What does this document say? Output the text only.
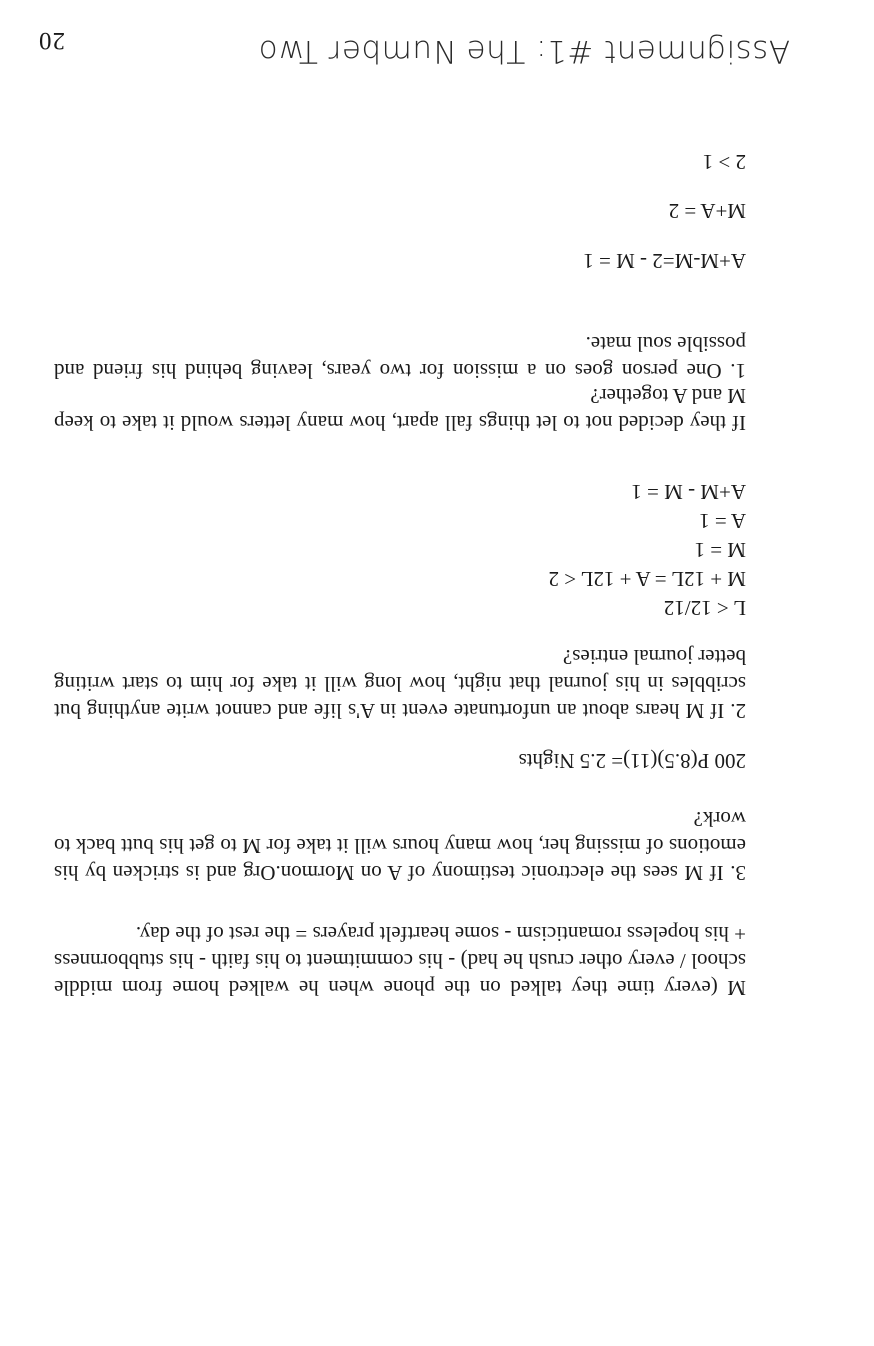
20	Assignment #1: The Number Two
2 > 1
M+A = 2
A+M-M=2 - M = 1
1. One person goes on a mission for two years, leaving behind his friend and possible soul mate.
If they decided not to let things fall apart, how many letters would it take to keep M and A together?
A+M - M = 1
A = 1
M = 1
M + 12L = A + 12L < 2
L < 12/12
2. If M hears about an unfortunate event in A's life and cannot write anything but scribbles in his journal that night, how long will it take for him to start writing better journal entries?
200 P(8.5)(11)= 2.5 Nights
3. If M sees the electronic testimony of A on Mormon.Org and is stricken by his emotions of missing her, how many hours will it take for M to get his butt back to work?
M (every time they talked on the phone when he walked home from middle school / every other crush he had) - his commitment to his faith - his stubbornness + his hopeless romanticism - some heartfelt prayers = the rest of the day.
